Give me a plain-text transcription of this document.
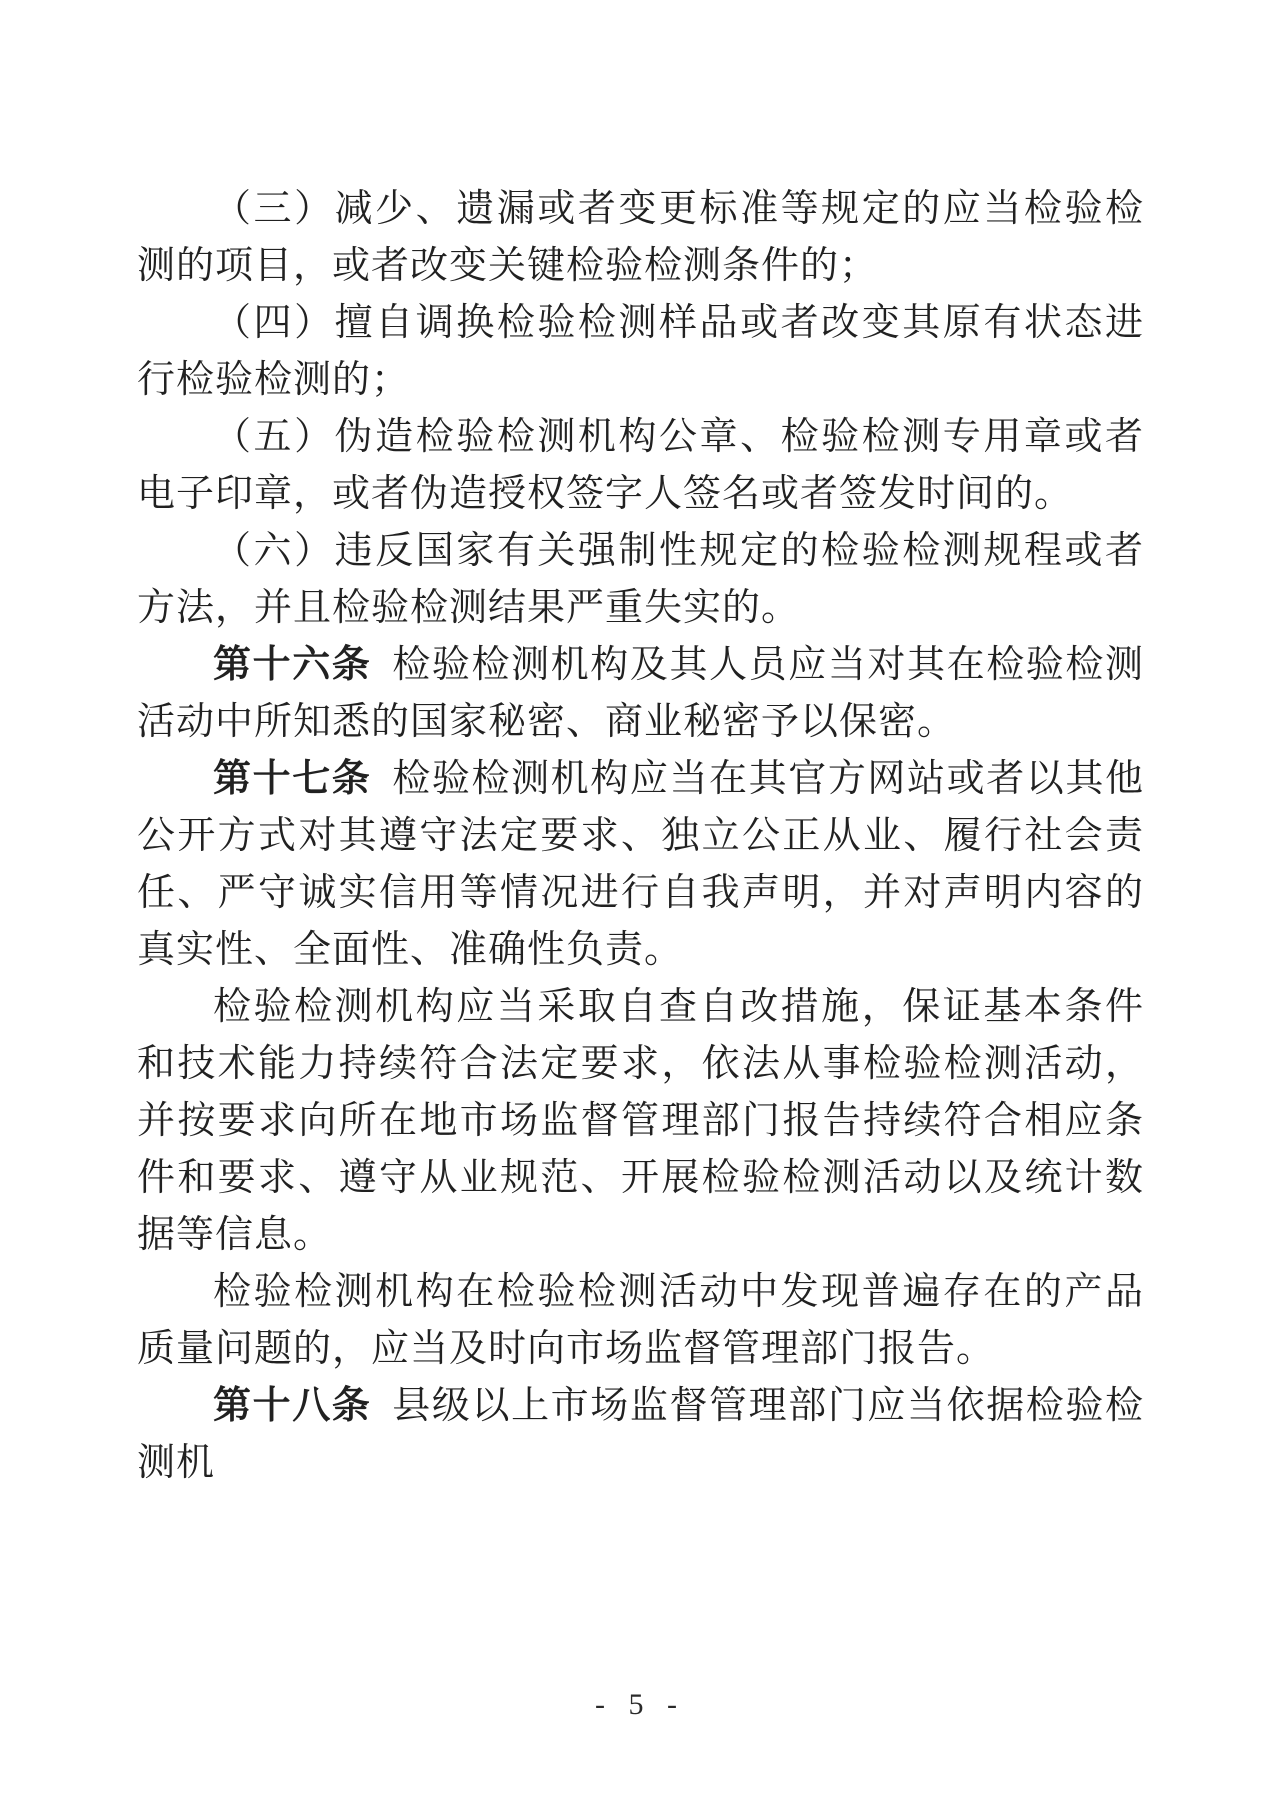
（三）减少、遗漏或者变更标准等规定的应当检验检测的项目，或者改变关键检验检测条件的；

（四）擅自调换检验检测样品或者改变其原有状态进行检验检测的；

（五）伪造检验检测机构公章、检验检测专用章或者电子印章，或者伪造授权签字人签名或者签发时间的。

（六）违反国家有关强制性规定的检验检测规程或者方法，并且检验检测结果严重失实的。

第十六条 检验检测机构及其人员应当对其在检验检测活动中所知悉的国家秘密、商业秘密予以保密。

第十七条 检验检测机构应当在其官方网站或者以其他公开方式对其遵守法定要求、独立公正从业、履行社会责任、严守诚实信用等情况进行自我声明，并对声明内容的真实性、全面性、准确性负责。

检验检测机构应当采取自查自改措施，保证基本条件和技术能力持续符合法定要求，依法从事检验检测活动，并按要求向所在地市场监督管理部门报告持续符合相应条件和要求、遵守从业规范、开展检验检测活动以及统计数据等信息。

检验检测机构在检验检测活动中发现普遍存在的产品质量问题的，应当及时向市场监督管理部门报告。

第十八条 县级以上市场监督管理部门应当依据检验检测机

- 5 -
